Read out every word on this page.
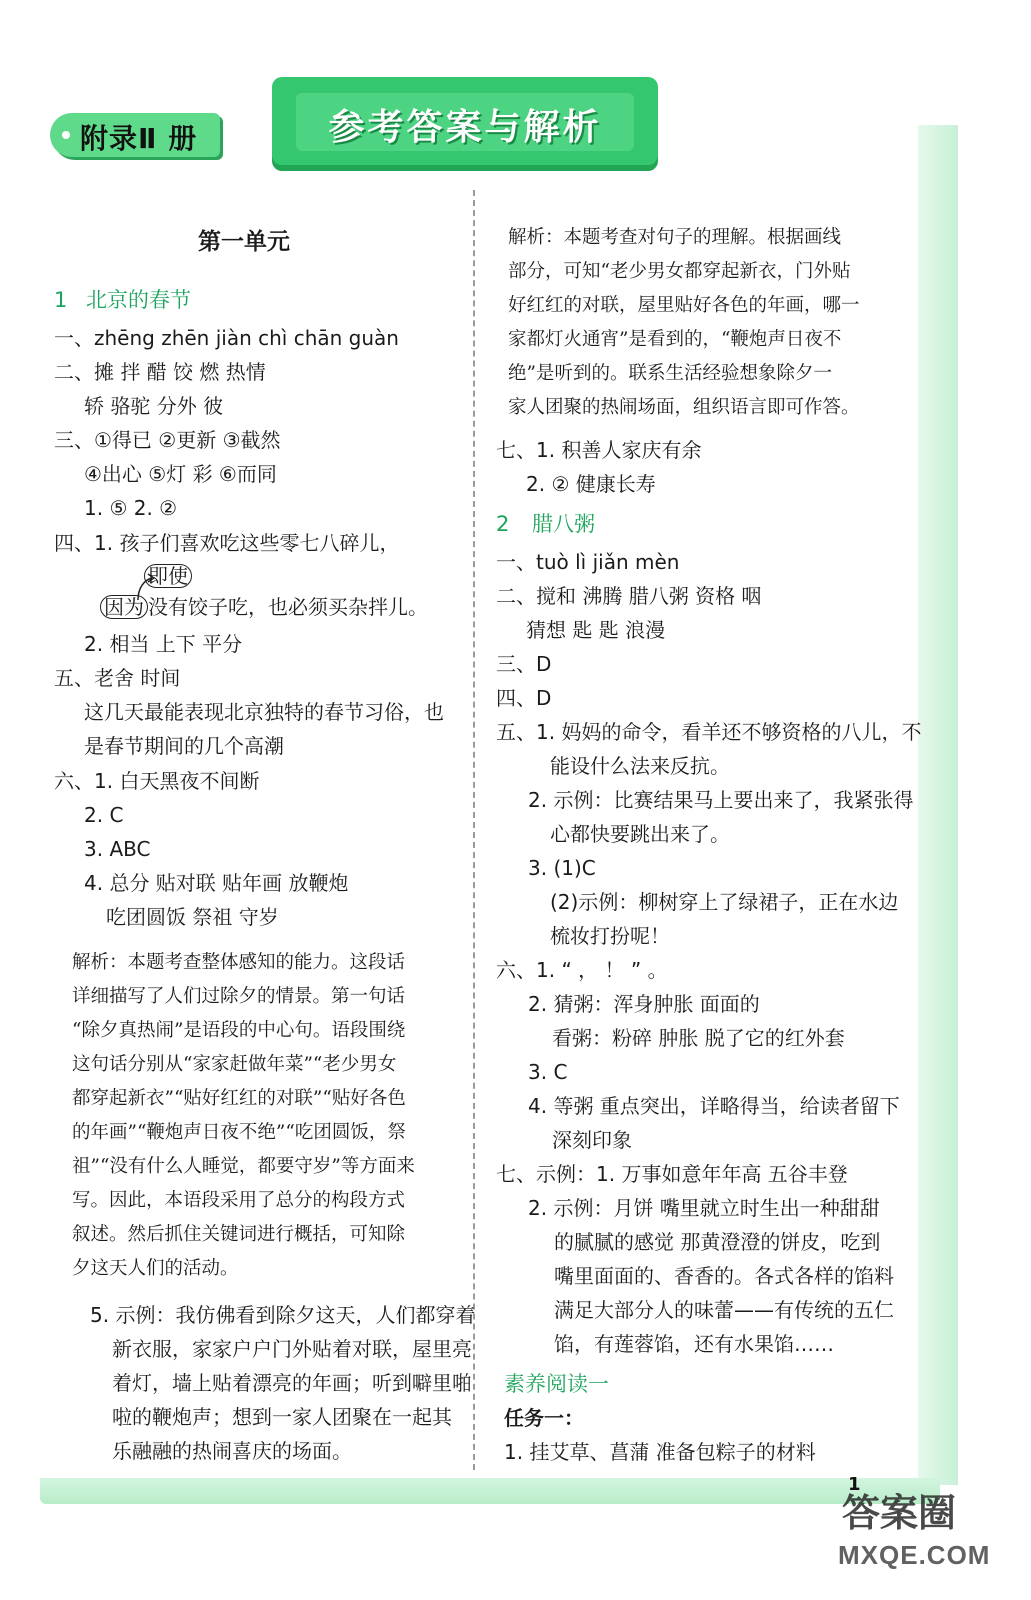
附录Ⅱ 册	参考答案与解析
第一单元
1 北京的春节
一、zhēng zhēn jiàn chì chān guàn
二、摊 拌 醋 饺 燃 热情
轿 骆驼 分外 彼
三、①得已 ②更新 ③截然
④出心 ⑤灯 彩 ⑥而同
1. ⑤ 2. ②
四、1. 孩子们喜欢吃这些零七八碎儿，
即使
因为 没有饺子吃，也必须买杂拌儿。
2. 相当 上下 平分
五、老舍 时间
这几天最能表现北京独特的春节习俗，也
是春节期间的几个高潮
六、1. 白天黑夜不间断
2. C
3. ABC
4. 总分 贴对联 贴年画 放鞭炮
吃团圆饭 祭祖 守岁
解析：本题考查整体感知的能力。这段话
详细描写了人们过除夕的情景。第一句话
“除夕真热闹”是语段的中心句。语段围绕
这句话分别从“家家赶做年菜”“老少男女
都穿起新衣”“贴好红红的对联”“贴好各色
的年画”“鞭炮声日夜不绝”“吃团圆饭，祭
祖”“没有什么人睡觉，都要守岁”等方面来
写。因此，本语段采用了总分的构段方式
叙述。然后抓住关键词进行概括，可知除
夕这天人们的活动。
5. 示例：我仿佛看到除夕这天，人们都穿着
新衣服，家家户户门外贴着对联，屋里亮
着灯，墙上贴着漂亮的年画；听到噼里啪
啦的鞭炮声；想到一家人团聚在一起其
乐融融的热闹喜庆的场面。
解析：本题考查对句子的理解。根据画线
部分，可知“老少男女都穿起新衣，门外贴
好红红的对联，屋里贴好各色的年画，哪一
家都灯火通宵”是看到的，“鞭炮声日夜不
绝”是听到的。联系生活经验想象除夕一
家人团聚的热闹场面，组织语言即可作答。
七、1. 积善人家庆有余
2. ② 健康长寿
2 腊八粥
一、tuò lì jiǎn mèn
二、搅和 沸腾 腊八粥 资格 咽
猜想 匙 匙 浪漫
三、D
四、D
五、1. 妈妈的命令，看羊还不够资格的八儿，不
能设什么法来反抗。
2. 示例：比赛结果马上要出来了，我紧张得
心都快要跳出来了。
3. (1)C
(2)示例：柳树穿上了绿裙子，正在水边
梳妆打扮呢！
六、1. “ ， ！ ” 。
2. 猜粥：浑身肿胀 面面的
看粥：粉碎 肿胀 脱了它的红外套
3. C
4. 等粥 重点突出，详略得当，给读者留下
深刻印象
七、示例：1. 万事如意年年高 五谷丰登
2. 示例：月饼 嘴里就立时生出一种甜甜
的腻腻的感觉 那黄澄澄的饼皮，吃到
嘴里面面的、香香的。各式各样的馅料
满足大部分人的味蕾——有传统的五仁
馅，有莲蓉馅，还有水果馅……
素养阅读一
任务一：
1. 挂艾草、菖蒲 准备包粽子的材料
1
答案圈
MXQE.COM
